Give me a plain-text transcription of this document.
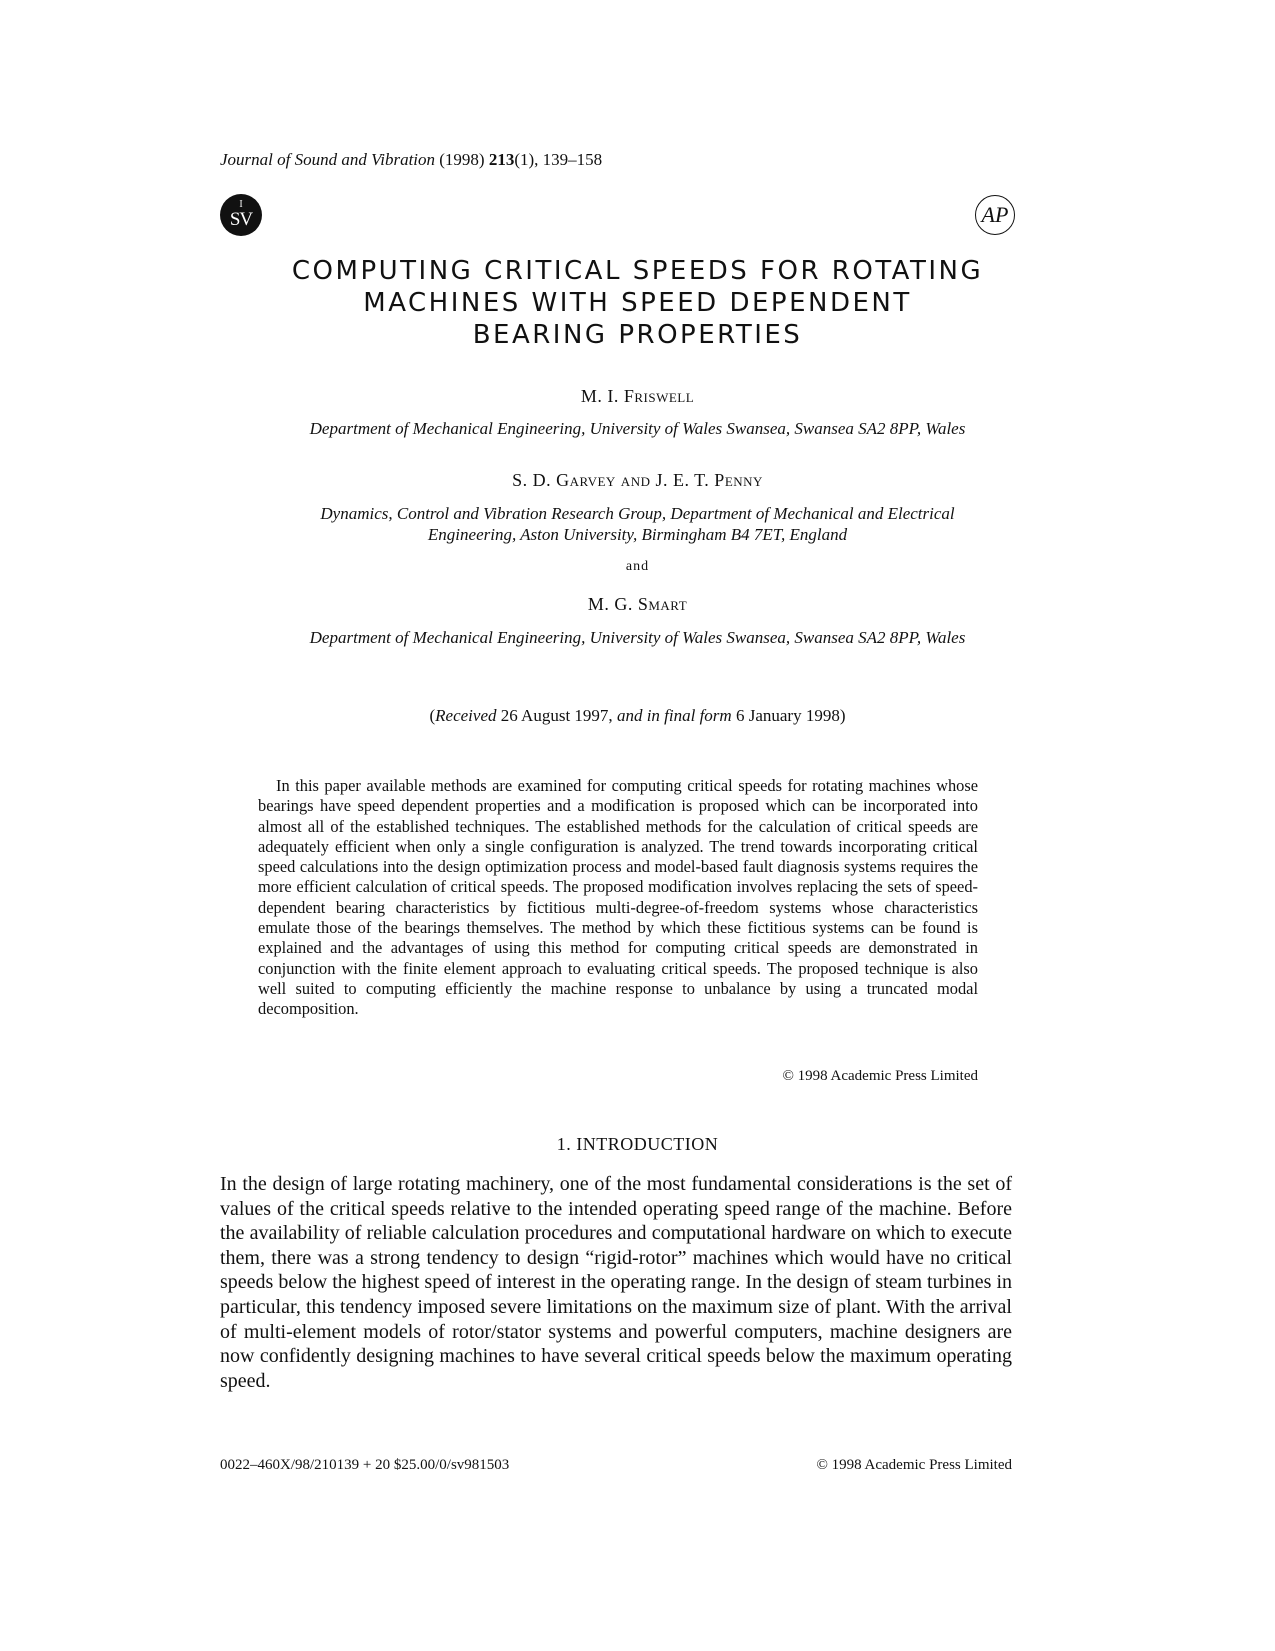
Journal of Sound and Vibration (1998) 213(1), 139–158
I
SV	AP
COMPUTING CRITICAL SPEEDS FOR ROTATING
MACHINES WITH SPEED DEPENDENT
BEARING PROPERTIES
M. I. Friswell
Department of Mechanical Engineering, University of Wales Swansea, Swansea SA2 8PP, Wales
S. D. Garvey and J. E. T. Penny
Dynamics, Control and Vibration Research Group, Department of Mechanical and Electrical Engineering, Aston University, Birmingham B4 7ET, England
and
M. G. Smart
Department of Mechanical Engineering, University of Wales Swansea, Swansea SA2 8PP, Wales
(Received 26 August 1997, and in final form 6 January 1998)
In this paper available methods are examined for computing critical speeds for rotating machines whose bearings have speed dependent properties and a modification is proposed which can be incorporated into almost all of the established techniques. The established methods for the calculation of critical speeds are adequately efficient when only a single configuration is analyzed. The trend towards incorporating critical speed calculations into the design optimization process and model-based fault diagnosis systems requires the more efficient calculation of critical speeds. The proposed modification involves replacing the sets of speed-dependent bearing characteristics by fictitious multi-degree-of-freedom systems whose characteristics emulate those of the bearings themselves. The method by which these fictitious systems can be found is explained and the advantages of using this method for computing critical speeds are demonstrated in conjunction with the finite element approach to evaluating critical speeds. The proposed technique is also well suited to computing efficiently the machine response to unbalance by using a truncated modal decomposition.
© 1998 Academic Press Limited
1. INTRODUCTION
In the design of large rotating machinery, one of the most fundamental considerations is the set of values of the critical speeds relative to the intended operating speed range of the machine. Before the availability of reliable calculation procedures and computational hardware on which to execute them, there was a strong tendency to design “rigid-rotor” machines which would have no critical speeds below the highest speed of interest in the operating range. In the design of steam turbines in particular, this tendency imposed severe limitations on the maximum size of plant. With the arrival of multi-element models of rotor/stator systems and powerful computers, machine designers are now confidently designing machines to have several critical speeds below the maximum operating speed.
0022–460X/98/210139 + 20 $25.00/0/sv981503	© 1998 Academic Press Limited
